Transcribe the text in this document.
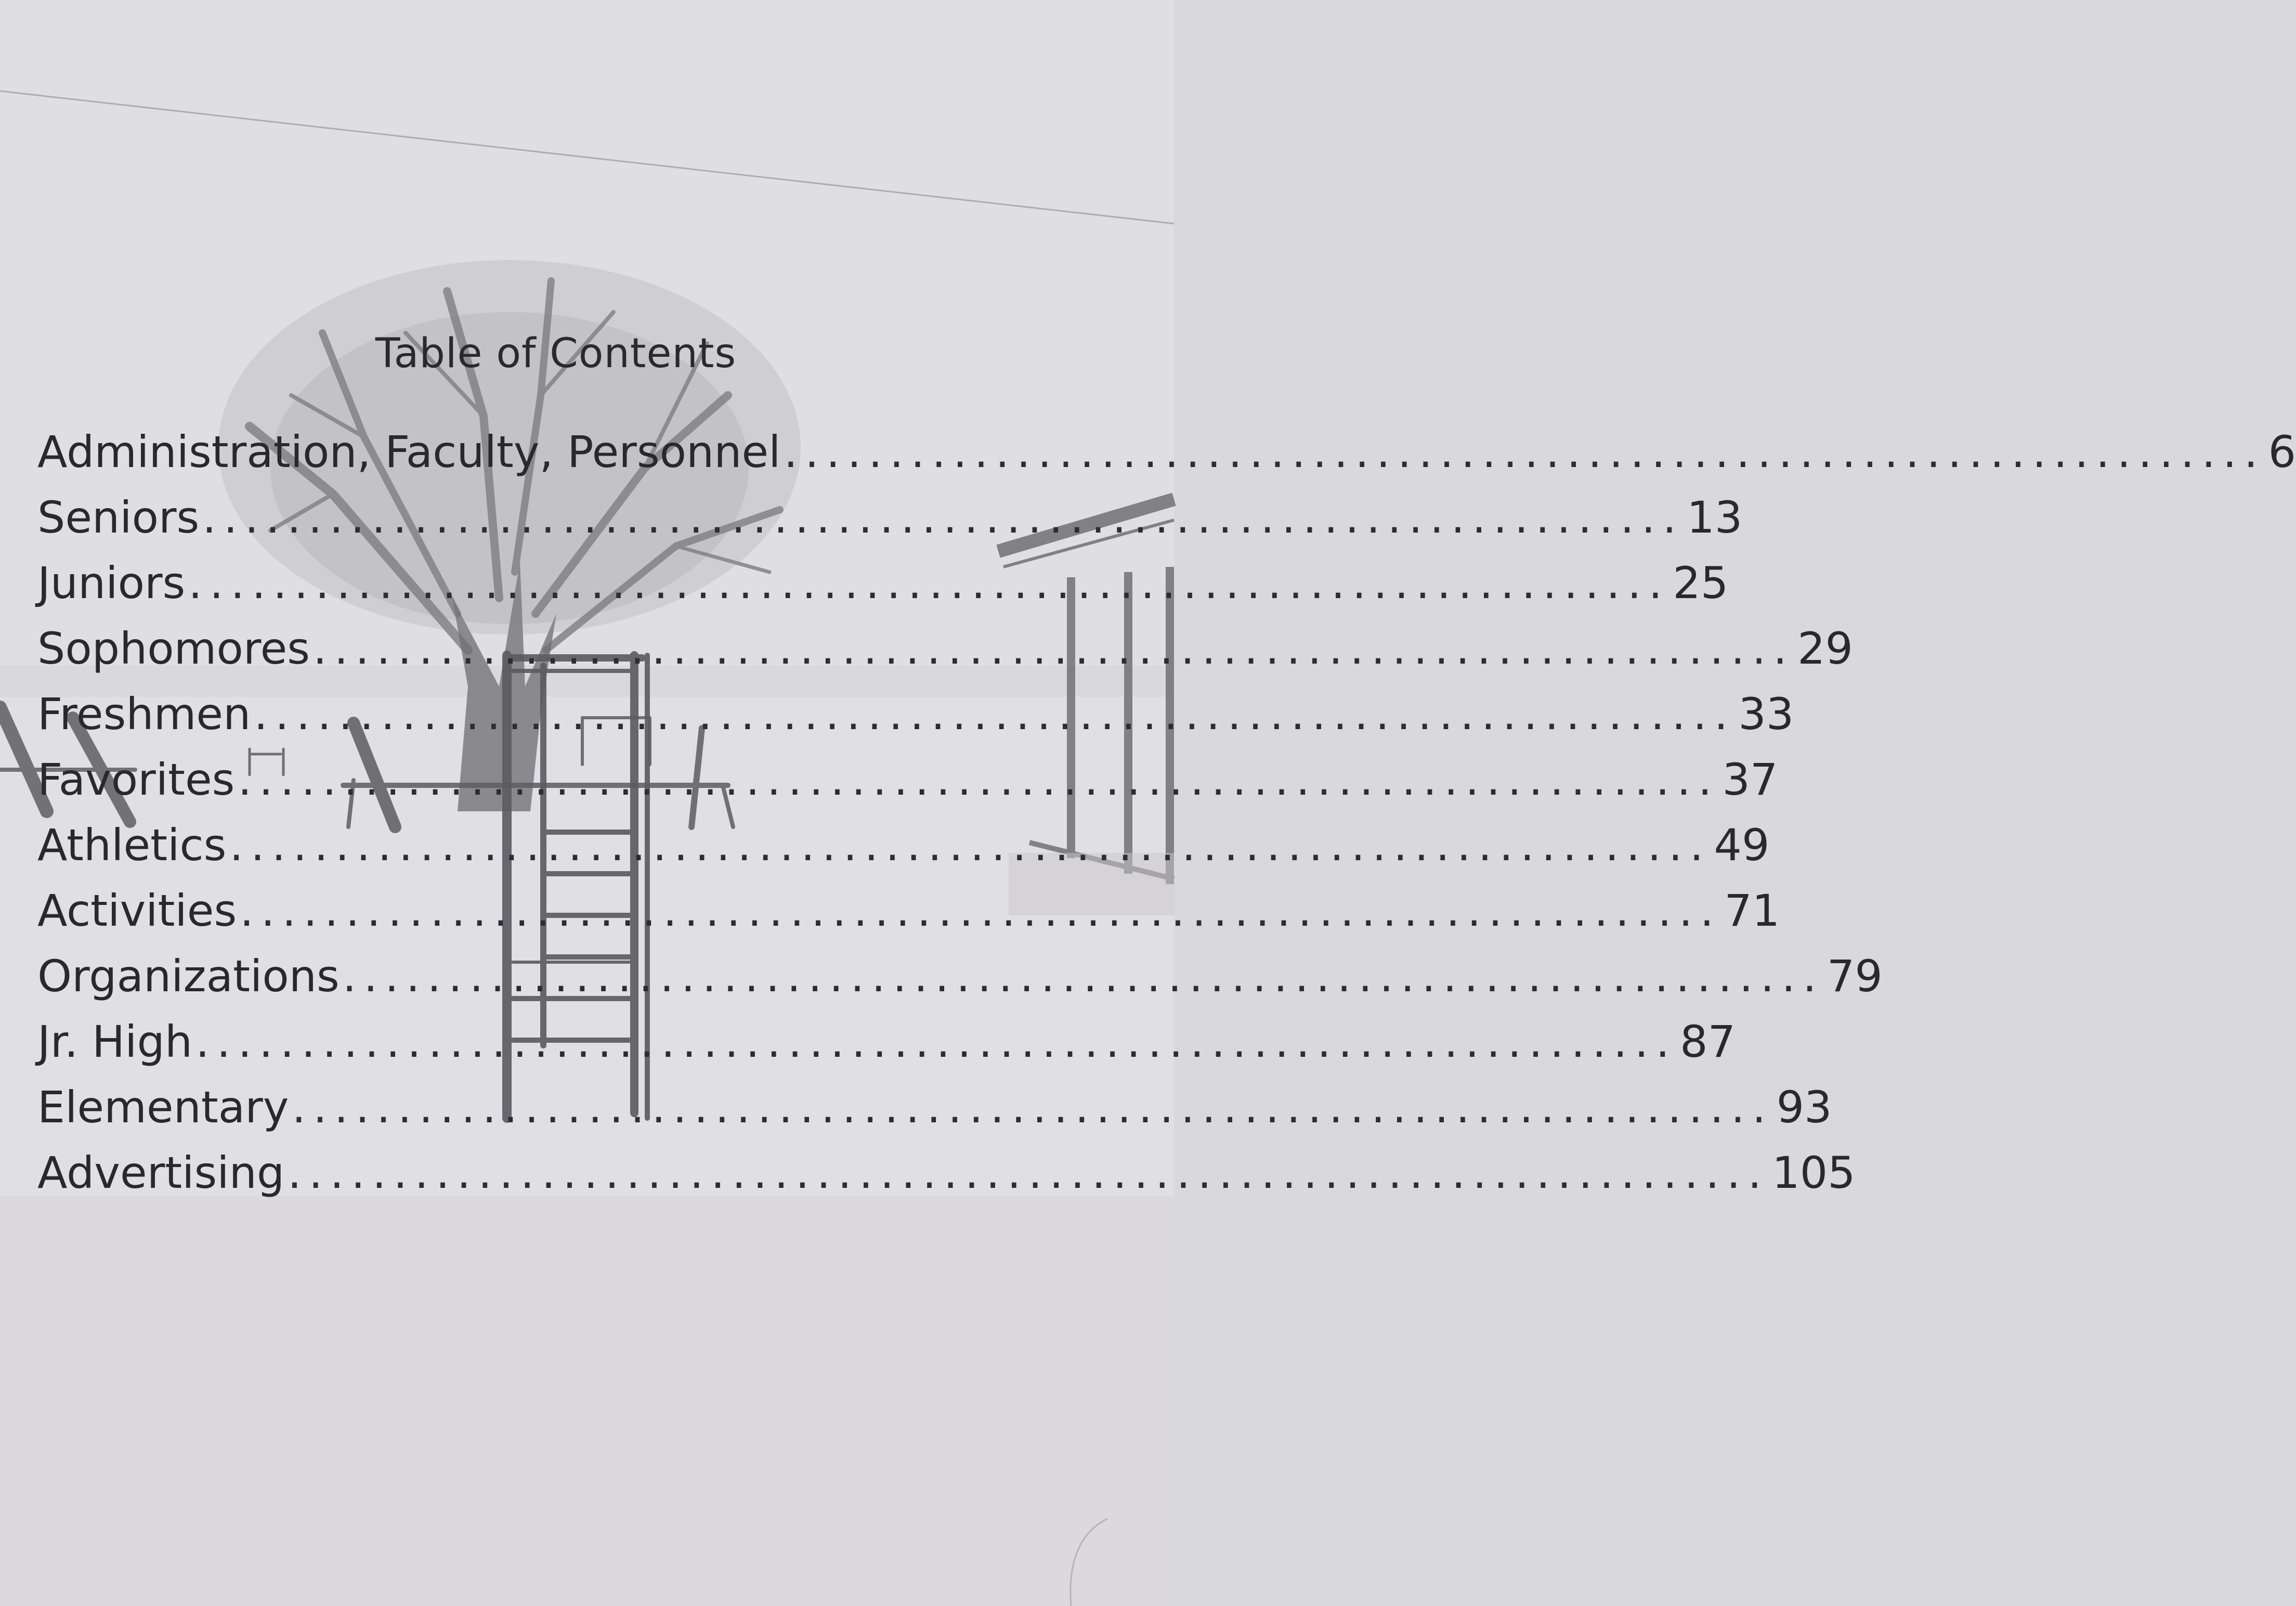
Table of Contents
Administration, Faculty, Personnel ...................................................................... 6
Seniors ...................................................................... 13
Juniors ...................................................................... 25
Sophomores ...................................................................... 29
Freshmen ...................................................................... 33
Favorites ...................................................................... 37
Athletics ...................................................................... 49
Activities ...................................................................... 71
Organizations ...................................................................... 79
Jr. High ...................................................................... 87
Elementary ...................................................................... 93
Advertising ...................................................................... 105
